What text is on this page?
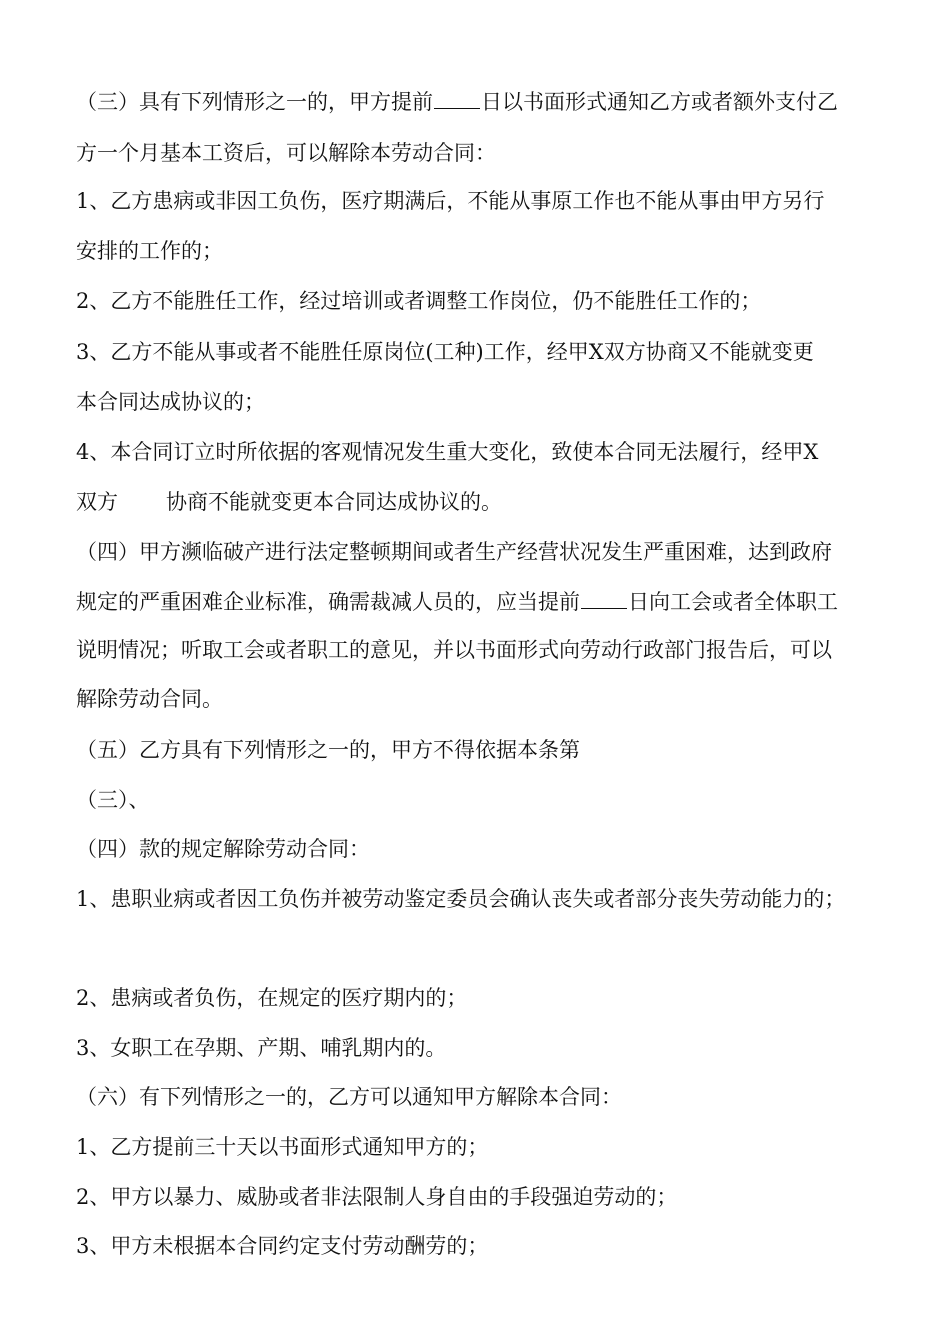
（三）具有下列情形之一的，甲方提前 日以书面形式通知乙方或者额外支付乙
方一个月基本工资后，可以解除本劳动合同：
1、乙方患病或非因工负伤，医疗期满后，不能从事原工作也不能从事由甲方另行
安排的工作的；
2、乙方不能胜任工作，经过培训或者调整工作岗位，仍不能胜任工作的；
3、乙方不能从事或者不能胜任原岗位(工种)工作，经甲X双方协商又不能就变更
本合同达成协议的；
4、本合同订立时所依据的客观情况发生重大变化，致使本合同无法履行，经甲X
双方 协商不能就变更本合同达成协议的。
（四）甲方濒临破产进行法定整顿期间或者生产经营状况发生严重困难，达到政府
规定的严重困难企业标准，确需裁减人员的，应当提前 日向工会或者全体职工
说明情况；听取工会或者职工的意见，并以书面形式向劳动行政部门报告后，可以
解除劳动合同。
（五）乙方具有下列情形之一的，甲方不得依据本条第
（三）、
（四）款的规定解除劳动合同：
1、患职业病或者因工负伤并被劳动鉴定委员会确认丧失或者部分丧失劳动能力的；
2、患病或者负伤，在规定的医疗期内的；
3、女职工在孕期、产期、哺乳期内的。
（六）有下列情形之一的，乙方可以通知甲方解除本合同：
1、乙方提前三十天以书面形式通知甲方的；
2、甲方以暴力、威胁或者非法限制人身自由的手段强迫劳动的；
3、甲方未根据本合同约定支付劳动酬劳的；
